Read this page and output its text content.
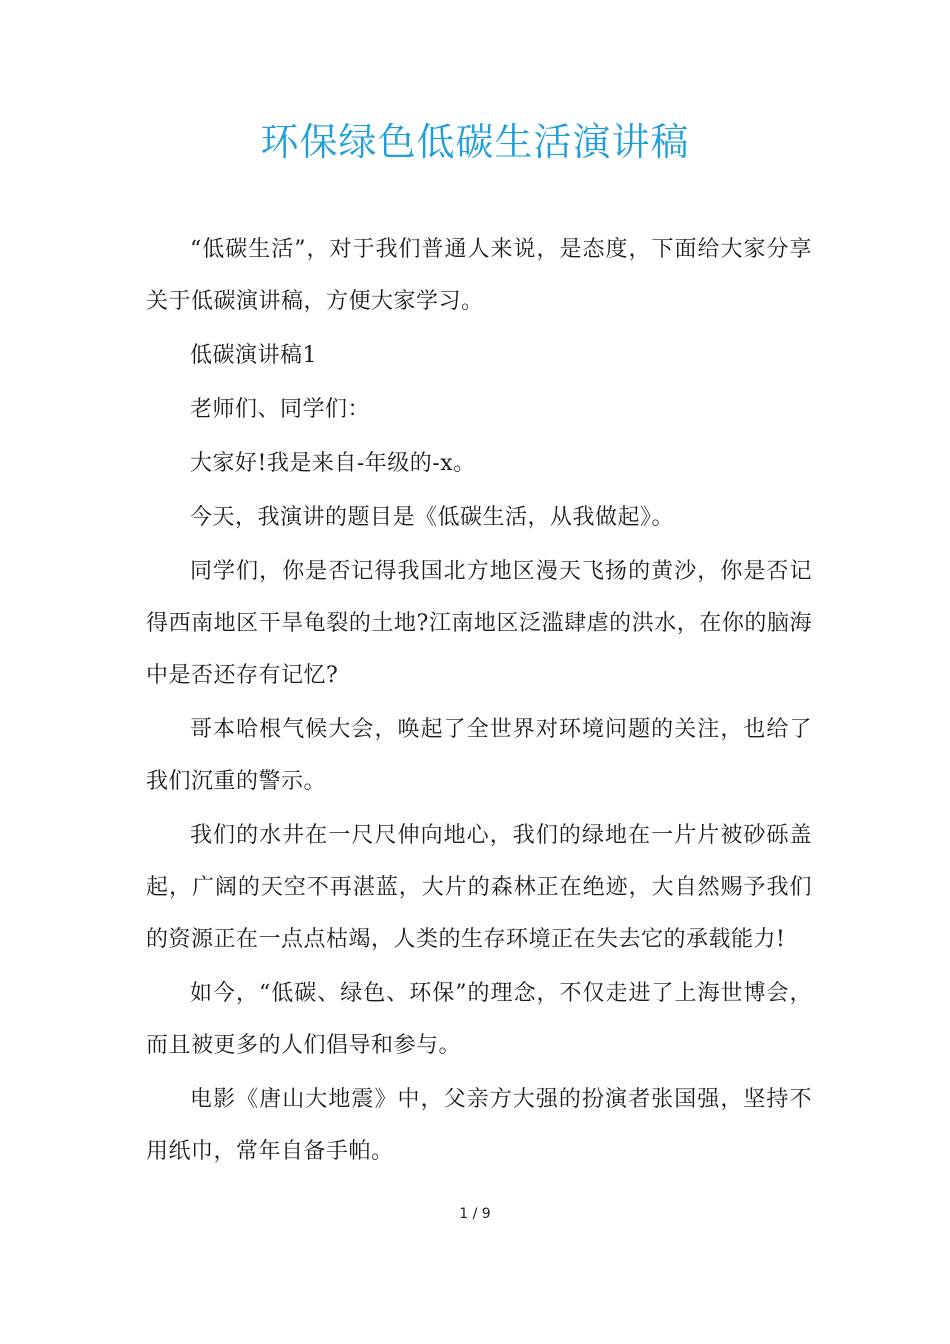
环保绿色低碳生活演讲稿

“低碳生活”，对于我们普通人来说，是态度，下面给大家分享关于低碳演讲稿，方便大家学习。

低碳演讲稿1

老师们、同学们：

大家好!我是来自-年级的-x。

今天，我演讲的题目是《低碳生活，从我做起》。

同学们，你是否记得我国北方地区漫天飞扬的黄沙，你是否记得西南地区干旱龟裂的土地?江南地区泛滥肆虐的洪水，在你的脑海中是否还存有记忆?

哥本哈根气候大会，唤起了全世界对环境问题的关注，也给了我们沉重的警示。

我们的水井在一尺尺伸向地心，我们的绿地在一片片被砂砾盖起，广阔的天空不再湛蓝，大片的森林正在绝迹，大自然赐予我们的资源正在一点点枯竭，人类的生存环境正在失去它的承载能力!

如今，“低碳、绿色、环保”的理念，不仅走进了上海世博会，而且被更多的人们倡导和参与。

电影《唐山大地震》中，父亲方大强的扮演者张国强，坚持不用纸巾，常年自备手帕。

1 / 9
